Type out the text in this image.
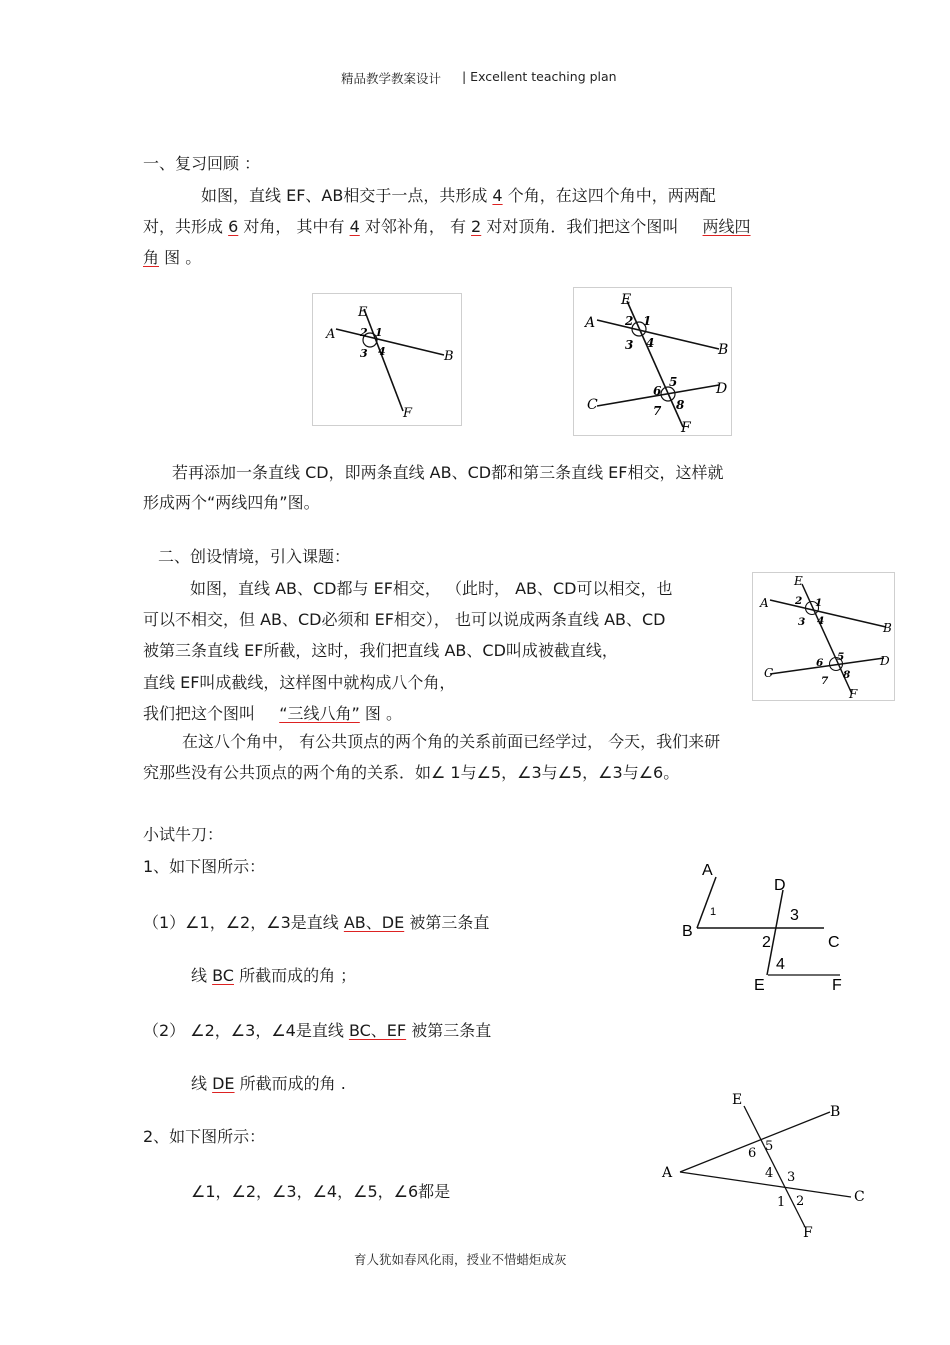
精品教学教案设计 | Excellent teaching plan
一、复习回顾 ：
如图，直线 EF、AB相交于一点，共形成 4 个角，在这四个角中，两两配
对，共形成 6 对角， 其中有 4 对邻补角， 有 2 对对顶角．我们把这个图叫 两线四
角 图 。
A
B
E
F
2 1
3 4
A
B
C
D
E
F
2 1
3 4
5
6
7 8
若再添加一条直线 CD，即两条直线 AB、CD都和第三条直线 EF相交，这样就
形成两个“两线四角”图。
二、创设情境，引入课题：
如图，直线 AB、CD都与 EF相交， （此时， AB、CD可以相交，也
可以不相交，但 AB、CD必须和 EF相交）， 也可以说成两条直线 AB、CD
被第三条直线 EF所截，这时，我们把直线 AB、CD叫成被截直线，
直线 EF叫成截线，这样图中就构成八个角，
我们把这个图叫 “三线八角” 图 。
在这八个角中， 有公共顶点的两个角的关系前面已经学过， 今天，我们来研
究那些没有公共顶点的两个角的关系．如∠ 1与∠5，∠3与∠5，∠3与∠6。
A
B
C
D
E
F
2 1
3 4
5
6
7 8
小试牛刀：
1、如下图所示：
（1）∠1，∠2，∠3是直线 AB、DE 被第三条直
线 BC 所截而成的角 ；
（2） ∠2，∠3，∠4是直线 BC、EF 被第三条直
线 DE 所截而成的角 .
2、如下图所示：
∠1，∠2，∠3，∠4，∠5，∠6都是
A
D
B
C
E	F
1
2
3
4
E
B
A
C
F
5
6
4 3
1 2
育人犹如春风化雨，授业不惜蜡炬成灰
